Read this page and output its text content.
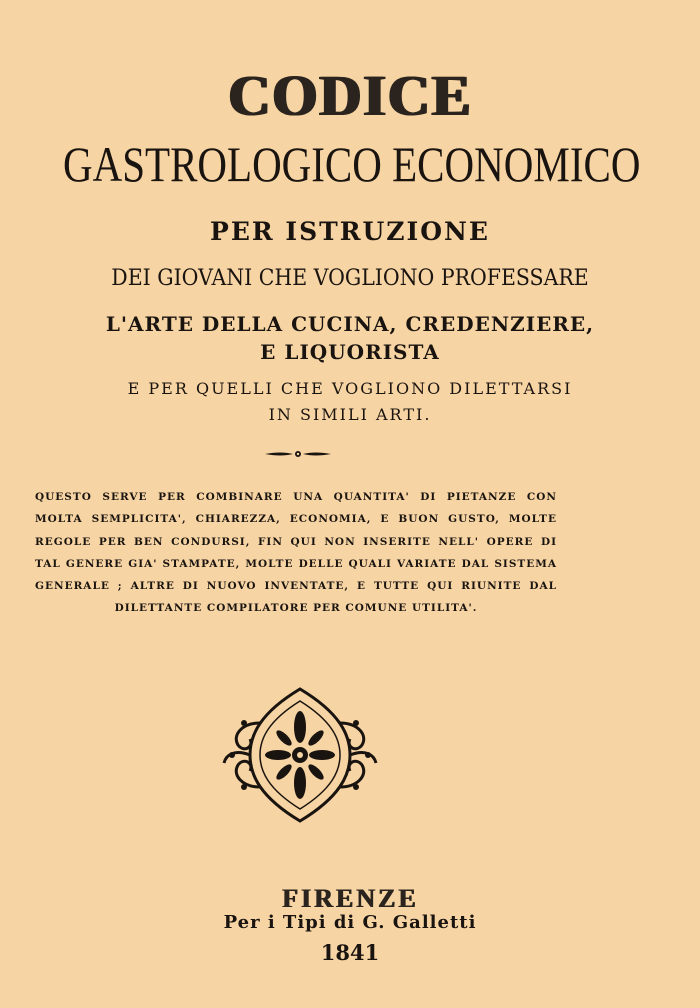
CODICE
GASTROLOGICO ECONOMICO
PER ISTRUZIONE
DEI GIOVANI CHE VOGLIONO PROFESSARE
L'ARTE DELLA CUCINA, CREDENZIERE,
E LIQUORISTA
E PER QUELLI CHE VOGLIONO DILETTARSI
IN SIMILI ARTI.
QUESTO SERVE PER COMBINARE UNA QUANTITA' DI PIETANZE CON MOLTA SEMPLICITA', CHIAREZZA, ECONOMIA, E BUON GUSTO, MOLTE REGOLE PER BEN CONDURSI, FIN QUI NON INSERITE NELL' OPERE DI TAL GENERE GIA' STAMPATE, MOLTE DELLE QUALI VARIATE DAL SISTEMA GENERALE ; ALTRE DI NUOVO INVENTATE, E TUTTE QUI RIUNITE DAL DILETTANTE COMPILATORE PER COMUNE UTILITA'.
FIRENZE
Per i Tipi di G. Galletti
1841
